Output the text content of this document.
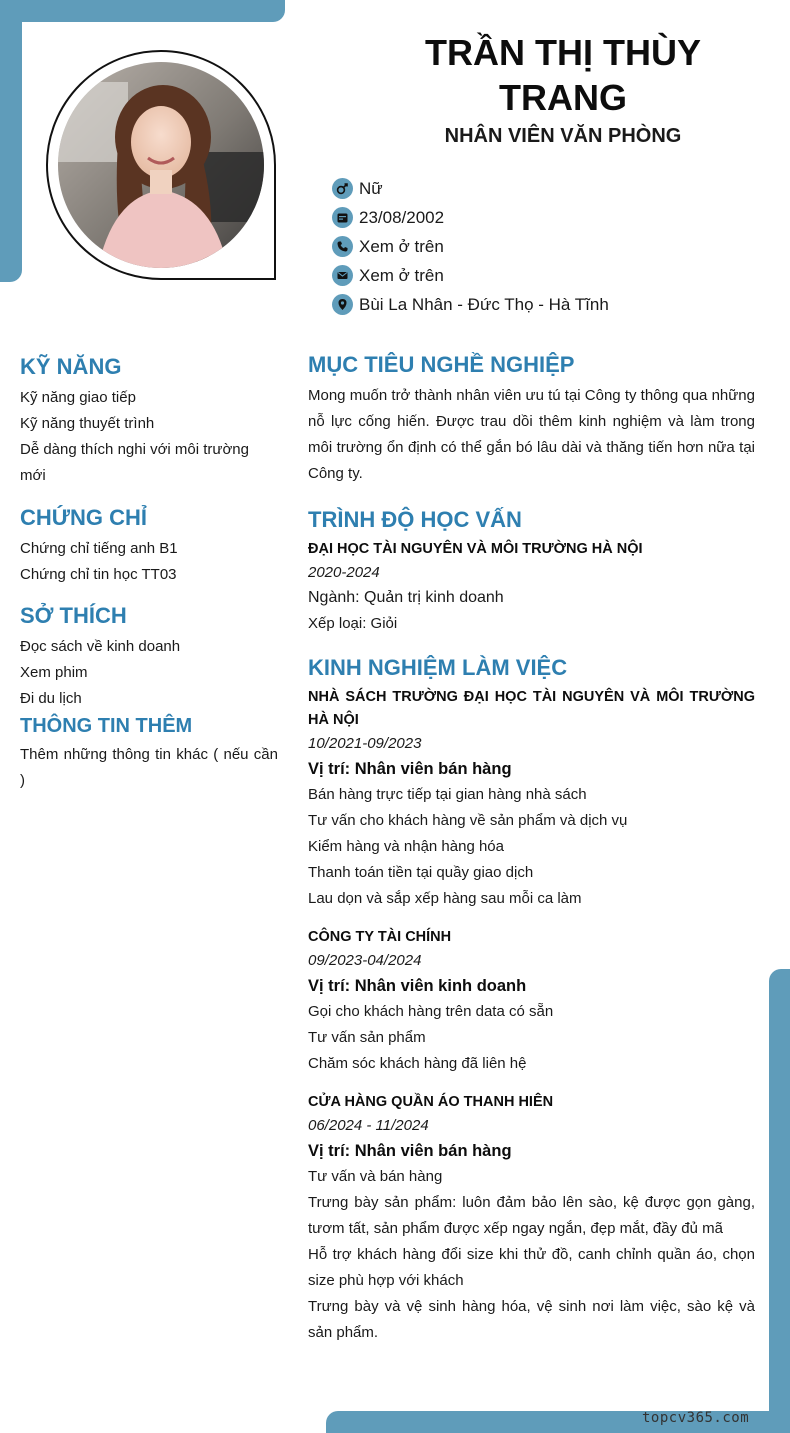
topcv365.com
TRẦN THỊ THÙY TRANG
NHÂN VIÊN VĂN PHÒNG
Nữ
23/08/2002
Xem ở trên
Xem ở trên
Bùi La Nhân - Đức Thọ - Hà Tĩnh
KỸ NĂNG
Kỹ năng giao tiếp
Kỹ năng thuyết trình
Dễ dàng thích nghi với môi trường mới
CHỨNG CHỈ
Chứng chỉ tiếng anh B1
Chứng chỉ tin học TT03
SỞ THÍCH
Đọc sách về kinh doanh
Xem phim
Đi du lịch
THÔNG TIN THÊM
Thêm những thông tin khác ( nếu cần )
MỤC TIÊU NGHỀ NGHIỆP
Mong muốn trở thành nhân viên ưu tú tại Công ty thông qua những nỗ lực cống hiến. Được trau dồi thêm kinh nghiệm và làm trong môi trường ổn định có thể gắn bó lâu dài và thăng tiến hơn nữa tại Công ty.
TRÌNH ĐỘ HỌC VẤN
ĐẠI HỌC TÀI NGUYÊN VÀ MÔI TRƯỜNG HÀ NỘI
2020-2024
Ngành: Quản trị kinh doanh
Xếp loại: Giỏi
KINH NGHIỆM LÀM VIỆC
NHÀ SÁCH TRƯỜNG ĐẠI HỌC TÀI NGUYÊN VÀ MÔI TRƯỜNG HÀ NỘI
10/2021-09/2023
Vị trí: Nhân viên bán hàng
Bán hàng trực tiếp tại gian hàng nhà sách
Tư vấn cho khách hàng về sản phẩm và dịch vụ
Kiểm hàng và nhận hàng hóa
Thanh toán tiền tại quầy giao dịch
Lau dọn và sắp xếp hàng sau mỗi ca làm
CÔNG TY TÀI CHÍNH
09/2023-04/2024
Vị trí: Nhân viên kinh doanh
Gọi cho khách hàng trên data có sẵn
Tư vấn sản phẩm
Chăm sóc khách hàng đã liên hệ
CỬA HÀNG QUẦN ÁO THANH HIÊN
06/2024 - 11/2024
Vị trí: Nhân viên bán hàng
Tư vấn và bán hàng
Trưng bày sản phẩm: luôn đảm bảo lên sào, kệ được gọn gàng, tươm tất, sản phẩm được xếp ngay ngắn, đẹp mắt, đầy đủ mã
Hỗ trợ khách hàng đổi size khi thử đồ, canh chỉnh quần áo, chọn size phù hợp với khách
Trưng bày và vệ sinh hàng hóa, vệ sinh nơi làm việc, sào kệ và sản phẩm.
